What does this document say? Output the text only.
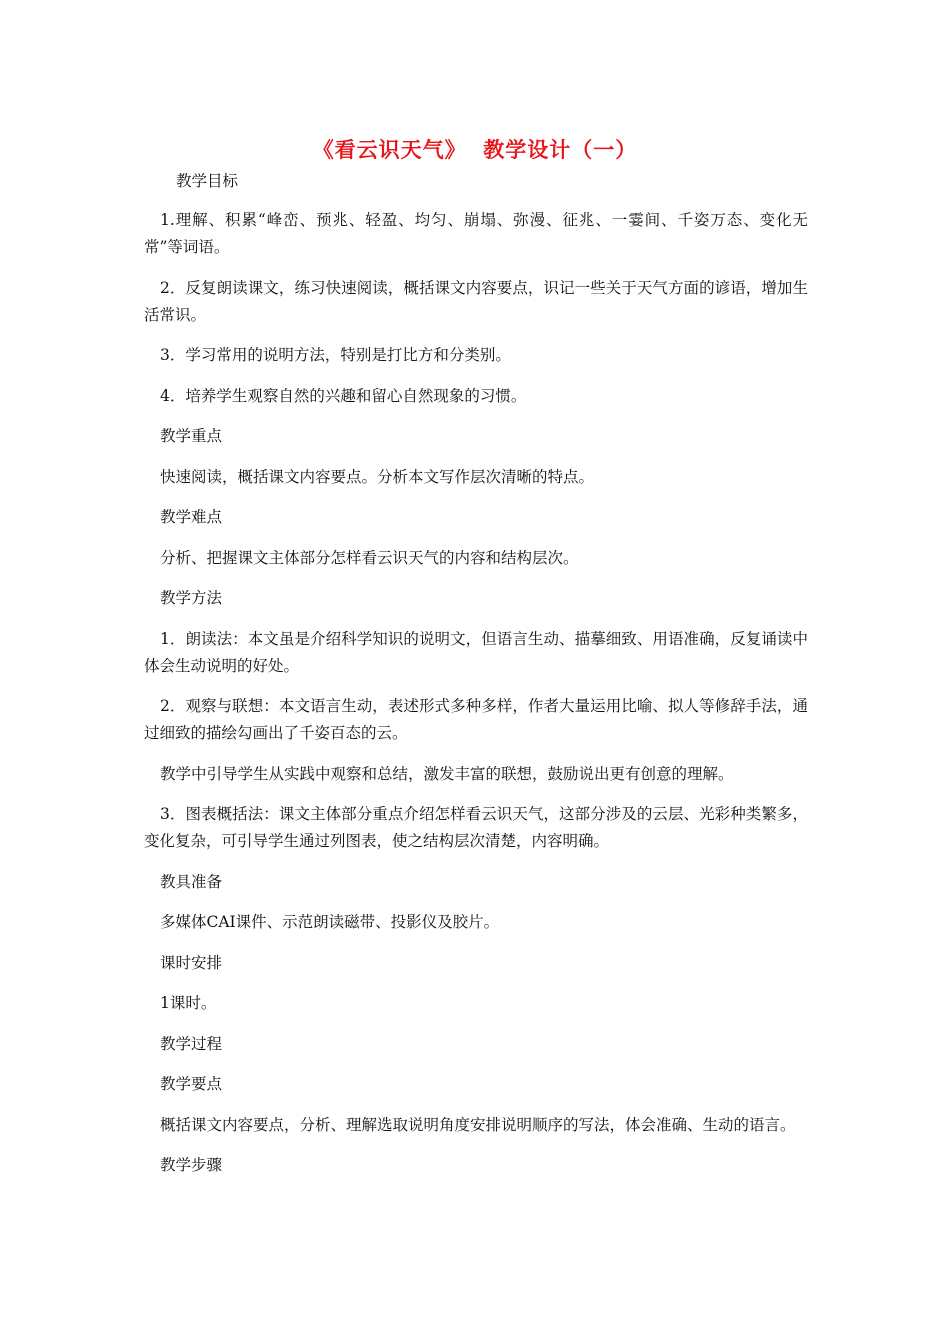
《看云识天气》  教学设计（一）

教学目标

1.理解、积累“峰峦、预兆、轻盈、均匀、崩塌、弥漫、征兆、一霎间、千姿万态、变化无常”等词语。

2．反复朗读课文，练习快速阅读，概括课文内容要点，识记一些关于天气方面的谚语，增加生活常识。

3．学习常用的说明方法，特别是打比方和分类别。

4．培养学生观察自然的兴趣和留心自然现象的习惯。

教学重点

快速阅读，概括课文内容要点。分析本文写作层次清晰的特点。

教学难点

分析、把握课文主体部分怎样看云识天气的内容和结构层次。

教学方法

1．朗读法：本文虽是介绍科学知识的说明文，但语言生动、描摹细致、用语准确，反复诵读中体会生动说明的好处。

2．观察与联想：本文语言生动，表述形式多种多样，作者大量运用比喻、拟人等修辞手法，通过细致的描绘勾画出了千姿百态的云。

教学中引导学生从实践中观察和总结，激发丰富的联想，鼓励说出更有创意的理解。

3．图表概括法：课文主体部分重点介绍怎样看云识天气，这部分涉及的云层、光彩种类繁多，变化复杂，可引导学生通过列图表，使之结构层次清楚，内容明确。

教具准备

多媒体CAI课件、示范朗读磁带、投影仪及胶片。

课时安排

1课时。

教学过程

教学要点

概括课文内容要点，分析、理解选取说明角度安排说明顺序的写法，体会准确、生动的语言。

教学步骤
